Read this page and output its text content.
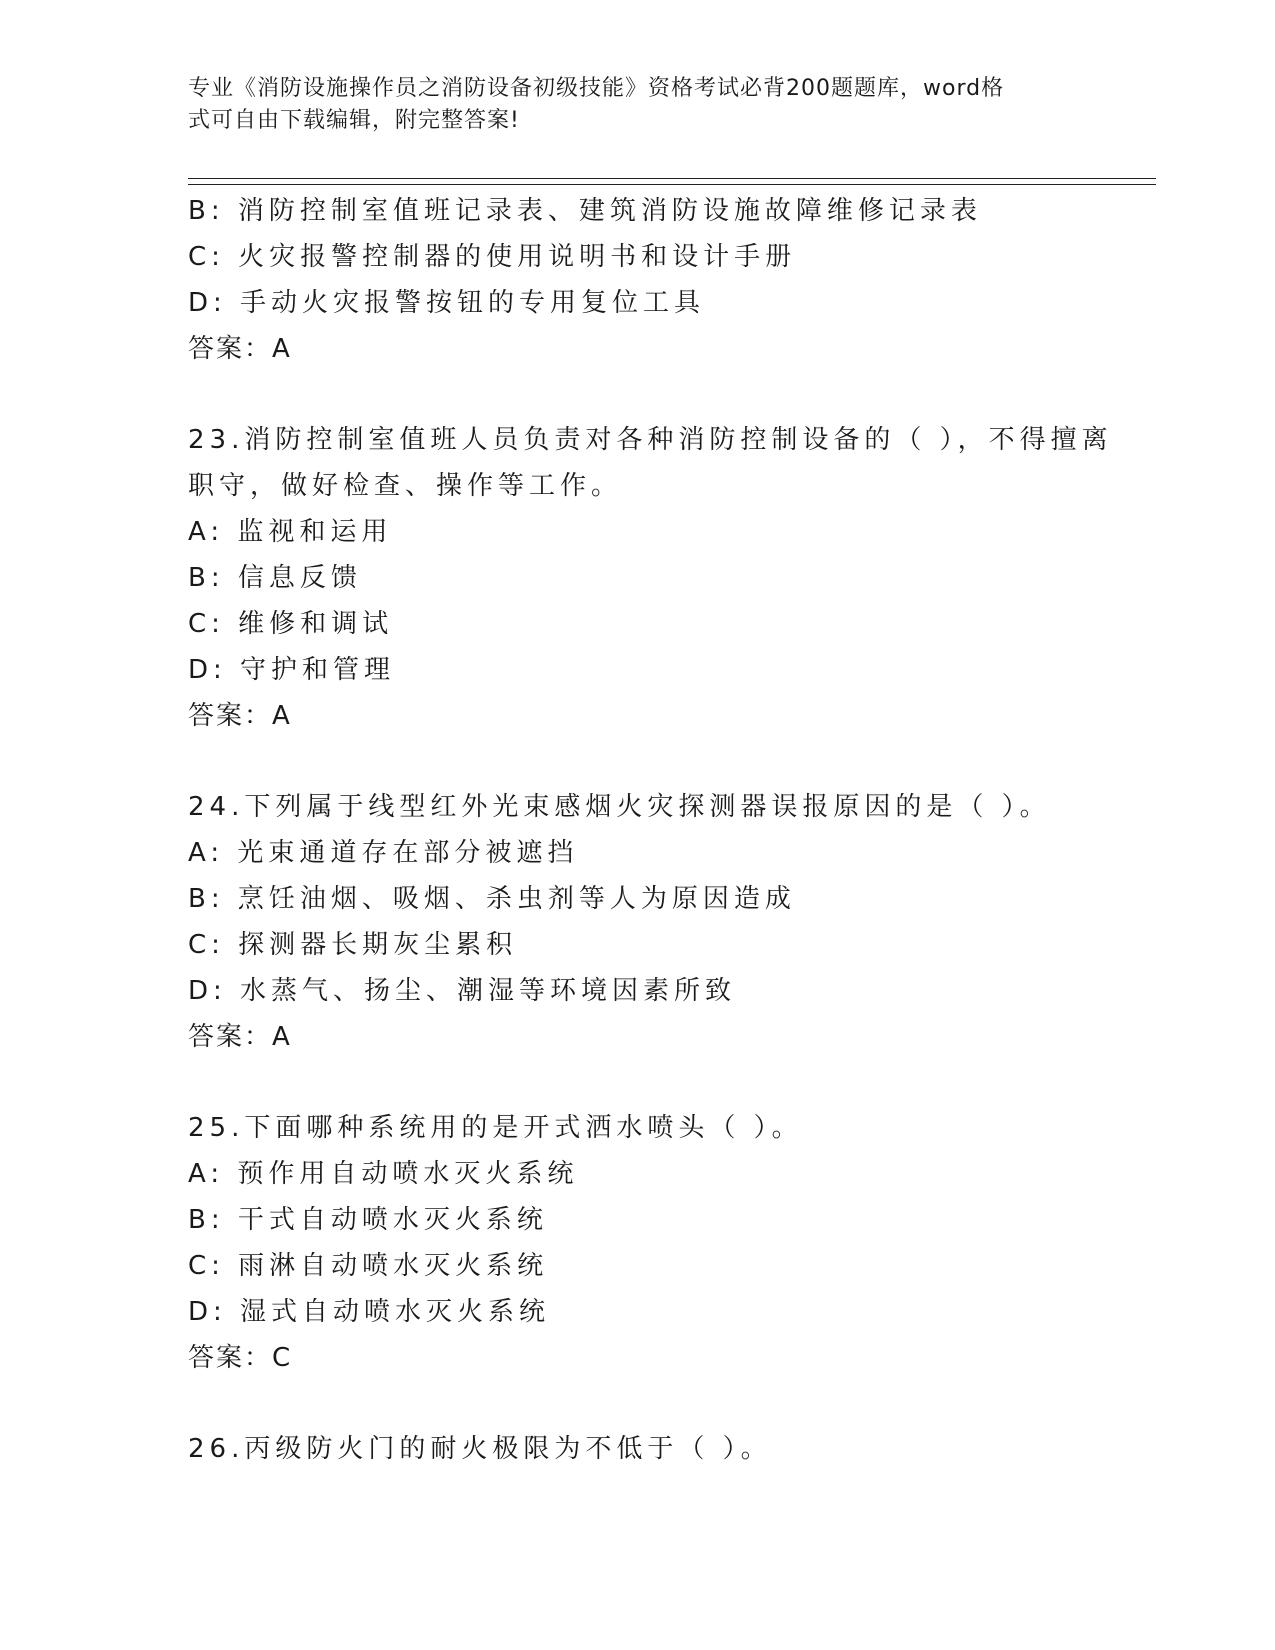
专业《消防设施操作员之消防设备初级技能》资格考试必背200题题库，word格
式可自由下载编辑，附完整答案!
B: 消防控制室值班记录表、建筑消防设施故障维修记录表
C: 火灾报警控制器的使用说明书和设计手册
D: 手动火灾报警按钮的专用复位工具
答案：A
23.消防控制室值班人员负责对各种消防控制设备的（ ），不得擅离
职守，做好检查、操作等工作。
A: 监视和运用
B: 信息反馈
C: 维修和调试
D: 守护和管理
答案：A
24.下列属于线型红外光束感烟火灾探测器误报原因的是（ ）。
A: 光束通道存在部分被遮挡
B: 烹饪油烟、吸烟、杀虫剂等人为原因造成
C: 探测器长期灰尘累积
D: 水蒸气、扬尘、潮湿等环境因素所致
答案：A
25.下面哪种系统用的是开式洒水喷头（ ）。
A: 预作用自动喷水灭火系统
B: 干式自动喷水灭火系统
C: 雨淋自动喷水灭火系统
D: 湿式自动喷水灭火系统
答案：C
26.丙级防火门的耐火极限为不低于（ ）。
